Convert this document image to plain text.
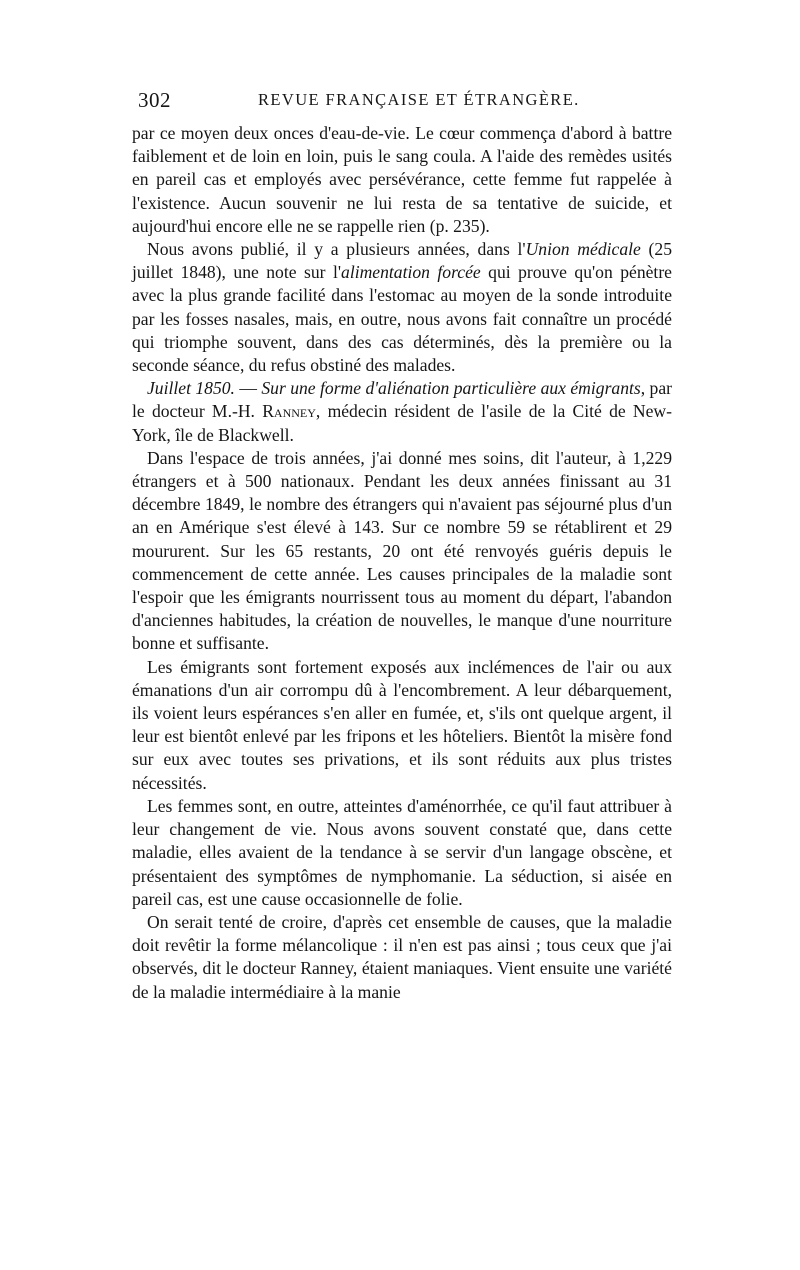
302	REVUE FRANÇAISE ET ÉTRANGÈRE.

par ce moyen deux onces d'eau-de-vie. Le cœur commença d'abord à battre faiblement et de loin en loin, puis le sang coula. A l'aide des remèdes usités en pareil cas et employés avec persévérance, cette femme fut rappelée à l'existence. Aucun souvenir ne lui resta de sa tentative de suicide, et aujourd'hui encore elle ne se rappelle rien (p. 235).

Nous avons publié, il y a plusieurs années, dans l'Union médicale (25 juillet 1848), une note sur l'alimentation forcée qui prouve qu'on pénètre avec la plus grande facilité dans l'estomac au moyen de la sonde introduite par les fosses nasales, mais, en outre, nous avons fait connaître un procédé qui triomphe souvent, dans des cas déterminés, dès la première ou la seconde séance, du refus obstiné des malades.

Juillet 1850. — Sur une forme d'aliénation particulière aux émigrants, par le docteur M.-H. Ranney, médecin résident de l'asile de la Cité de New-York, île de Blackwell.

Dans l'espace de trois années, j'ai donné mes soins, dit l'auteur, à 1,229 étrangers et à 500 nationaux. Pendant les deux années finissant au 31 décembre 1849, le nombre des étrangers qui n'avaient pas séjourné plus d'un an en Amérique s'est élevé à 143. Sur ce nombre 59 se rétablirent et 29 moururent. Sur les 65 restants, 20 ont été renvoyés guéris depuis le commencement de cette année. Les causes principales de la maladie sont l'espoir que les émigrants nourrissent tous au moment du départ, l'abandon d'anciennes habitudes, la création de nouvelles, le manque d'une nourriture bonne et suffisante.

Les émigrants sont fortement exposés aux inclémences de l'air ou aux émanations d'un air corrompu dû à l'encombrement. A leur débarquement, ils voient leurs espérances s'en aller en fumée, et, s'ils ont quelque argent, il leur est bientôt enlevé par les fripons et les hôteliers. Bientôt la misère fond sur eux avec toutes ses privations, et ils sont réduits aux plus tristes nécessités.

Les femmes sont, en outre, atteintes d'aménorrhée, ce qu'il faut attribuer à leur changement de vie. Nous avons souvent constaté que, dans cette maladie, elles avaient de la tendance à se servir d'un langage obscène, et présentaient des symptômes de nymphomanie. La séduction, si aisée en pareil cas, est une cause occasionnelle de folie.

On serait tenté de croire, d'après cet ensemble de causes, que la maladie doit revêtir la forme mélancolique : il n'en est pas ainsi ; tous ceux que j'ai observés, dit le docteur Ranney, étaient maniaques. Vient ensuite une variété de la maladie intermédiaire à la manie
